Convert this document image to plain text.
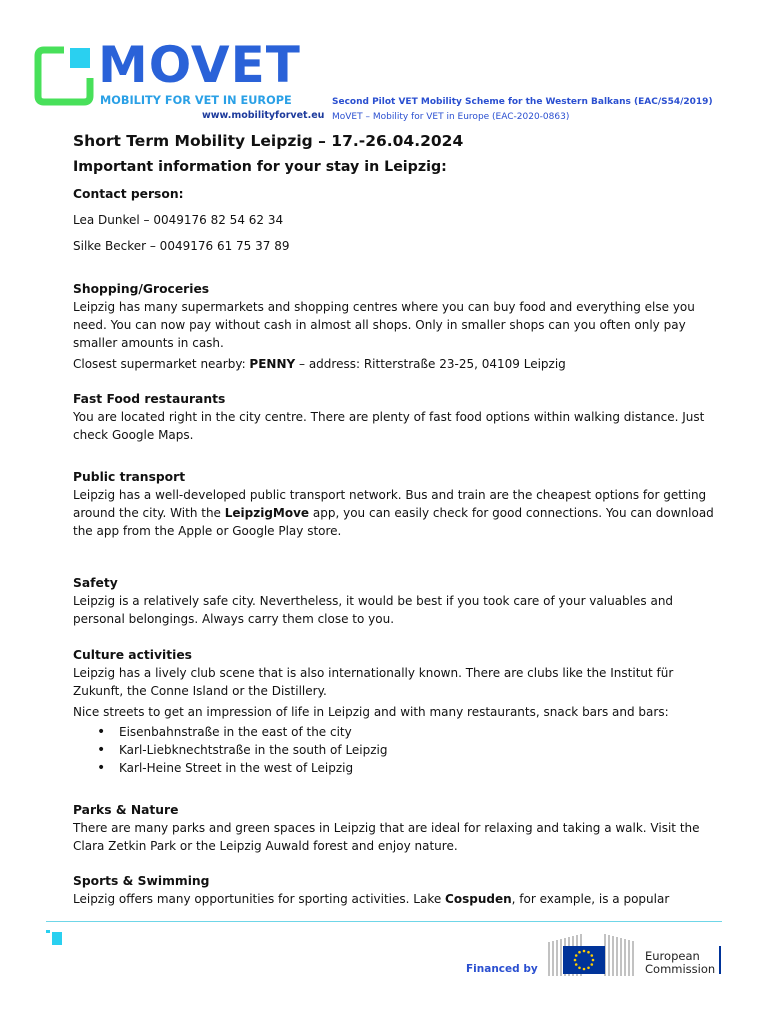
MOVET
MOBILITY FOR VET IN EUROPE
www.mobilityforvet.eu
Second Pilot VET Mobility Scheme for the Western Balkans (EAC/S54/2019)
MoVET – Mobility for VET in Europe (EAC-2020-0863)
Short Term Mobility Leipzig – 17.-26.04.2024
Important information for your stay in Leipzig:
Contact person:

Lea Dunkel – 0049176 82 54 62 34

Silke Becker – 0049176 61 75 37 89

Shopping/Groceries

Leipzig has many supermarkets and shopping centres where you can buy food and everything else you need. You can now pay without cash in almost all shops. Only in smaller shops can you often only pay smaller amounts in cash.

Closest supermarket nearby: PENNY – address: Ritterstraße 23-25, 04109 Leipzig

Fast Food restaurants

You are located right in the city centre. There are plenty of fast food options within walking distance. Just check Google Maps.

Public transport

Leipzig has a well-developed public transport network. Bus and train are the cheapest options for getting around the city. With the LeipzigMove app, you can easily check for good connections. You can download the app from the Apple or Google Play store.

Safety

Leipzig is a relatively safe city. Nevertheless, it would be best if you took care of your valuables and personal belongings. Always carry them close to you.

Culture activities

Leipzig has a lively club scene that is also internationally known. There are clubs like the Institut für Zukunft, the Conne Island or the Distillery.

Nice streets to get an impression of life in Leipzig and with many restaurants, snack bars and bars:

• Eisenbahnstraße in the east of the city
• Karl-Liebknechtstraße in the south of Leipzig
• Karl-Heine Street in the west of Leipzig
Parks & Nature

There are many parks and green spaces in Leipzig that are ideal for relaxing and taking a walk. Visit the Clara Zetkin Park or the Leipzig Auwald forest and enjoy nature.

Sports & Swimming

Leipzig offers many opportunities for sporting activities. Lake Cospuden, for example, is a popular

Financed by
European
Commission
